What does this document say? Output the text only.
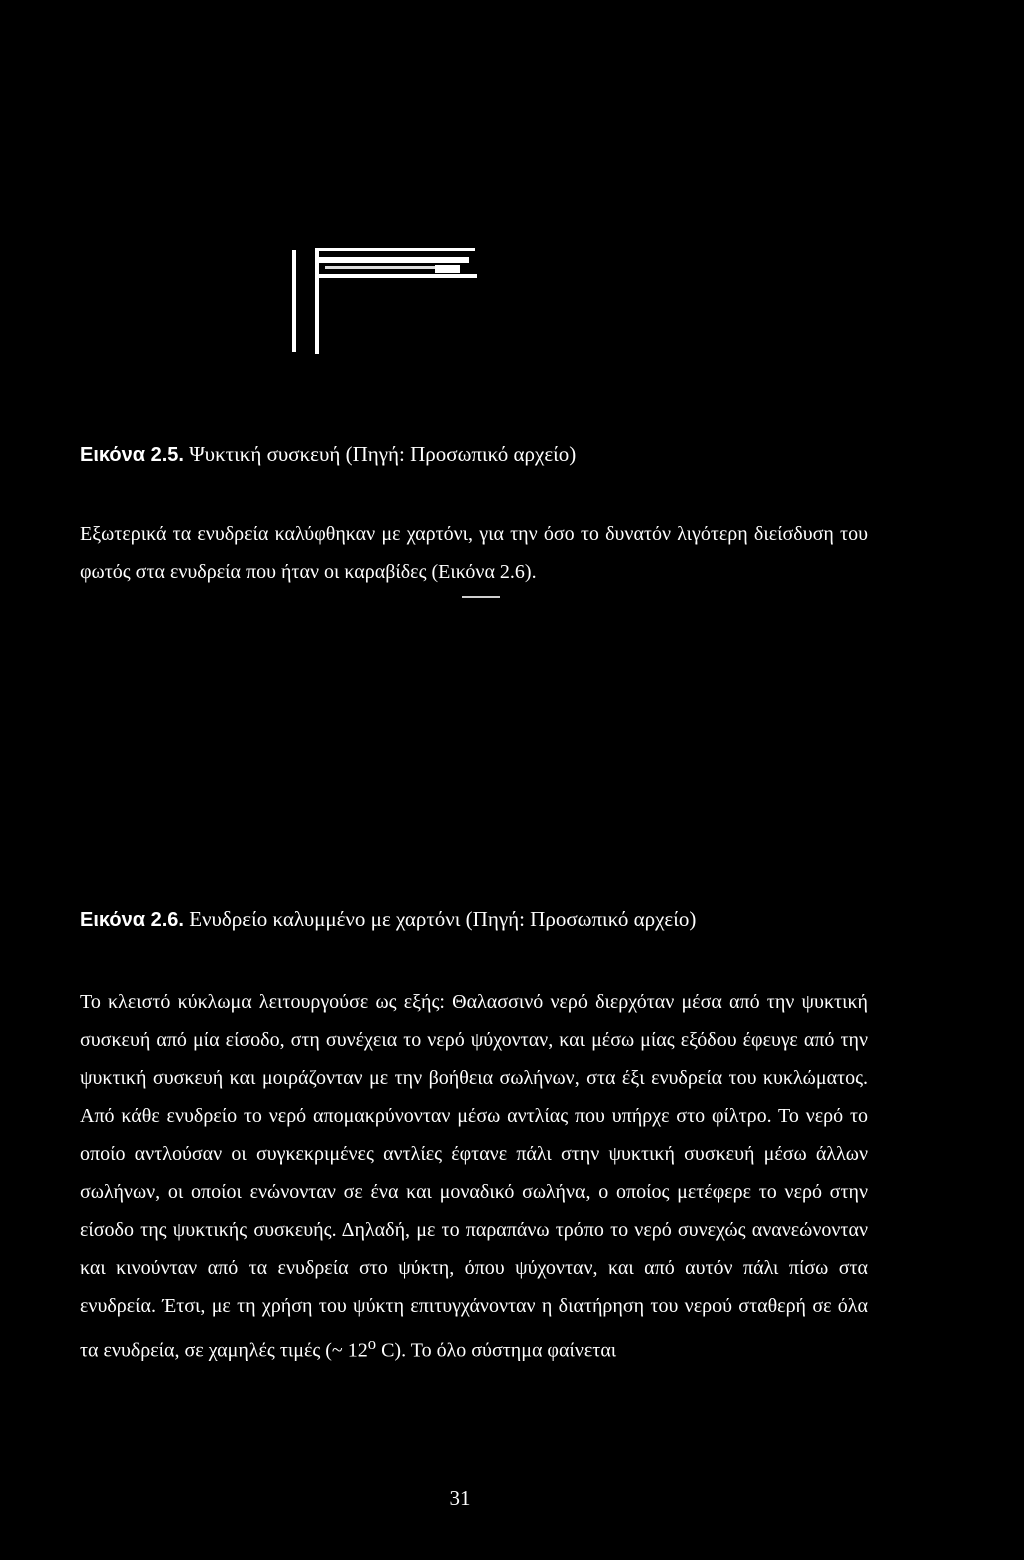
Εικόνα 2.5. Ψυκτική συσκευή (Πηγή: Προσωπικό αρχείο)
Εξωτερικά τα ενυδρεία καλύφθηκαν με χαρτόνι, για την όσο το δυνατόν λιγότερη διείσδυση του φωτός στα ενυδρεία που ήταν οι καραβίδες (Εικόνα 2.6).
Εικόνα 2.6. Ενυδρείο καλυμμένο με χαρτόνι (Πηγή: Προσωπικό αρχείο)
Το κλειστό κύκλωμα λειτουργούσε ως εξής: Θαλασσινό νερό διερχόταν μέσα από την ψυκτική συσκευή από μία είσοδο, στη συνέχεια το νερό ψύχονταν, και μέσω μίας εξόδου έφευγε από την ψυκτική συσκευή και μοιράζονταν με την βοήθεια σωλήνων, στα έξι ενυδρεία του κυκλώματος. Από κάθε ενυδρείο το νερό απομακρύνονταν μέσω αντλίας που υπήρχε στο φίλτρο. Το νερό το οποίο αντλούσαν οι συγκεκριμένες αντλίες έφτανε πάλι στην ψυκτική συσκευή μέσω άλλων σωλήνων, οι οποίοι ενώνονταν σε ένα και μοναδικό σωλήνα, ο οποίος μετέφερε το νερό στην είσοδο της ψυκτικής συσκευής. Δηλαδή, με το παραπάνω τρόπο το νερό συνεχώς ανανεώνονταν και κινούνταν από τα ενυδρεία στο ψύκτη, όπου ψύχονταν, και από αυτόν πάλι πίσω στα ενυδρεία. Έτσι, με τη χρήση του ψύκτη επιτυγχάνονταν η διατήρηση του νερού σταθερή σε όλα τα ενυδρεία, σε χαμηλές τιμές (~ 12$^o$ C). Το όλο σύστημα φαίνεται
31
